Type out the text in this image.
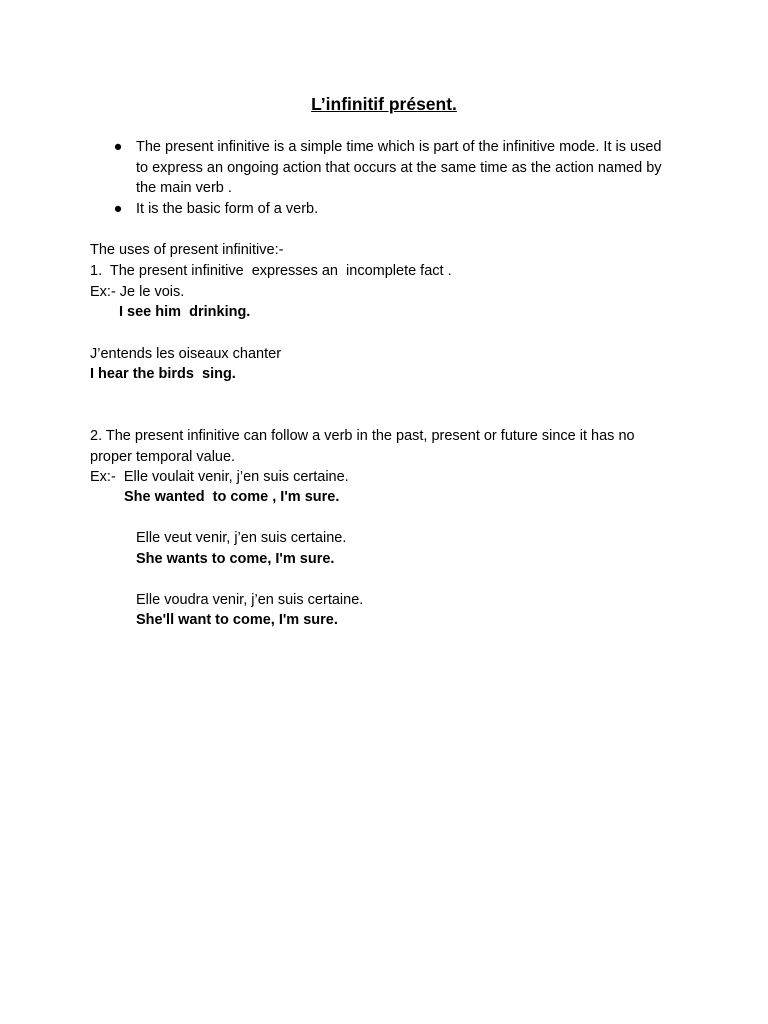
L’infinitif présent.
● The present infinitive is a simple time which is part of the infinitive mode. It is used to express an ongoing action that occurs at the same time as the action named by the main verb .
● It is the basic form of a verb.

The uses of present infinitive:-

1.  The present infinitive  expresses an  incomplete fact .

Ex:- Je le vois.

I see him  drinking.

J’entends les oiseaux chanter

I hear the birds  sing.

2. The present infinitive can follow a verb in the past, present or future since it has no proper temporal value.

Ex:-  Elle voulait venir, j’en suis certaine.

She wanted  to come , I'm sure.

Elle veut venir, j’en suis certaine.

She wants to come, I'm sure.

Elle voudra venir, j’en suis certaine.

She'll want to come, I'm sure.
